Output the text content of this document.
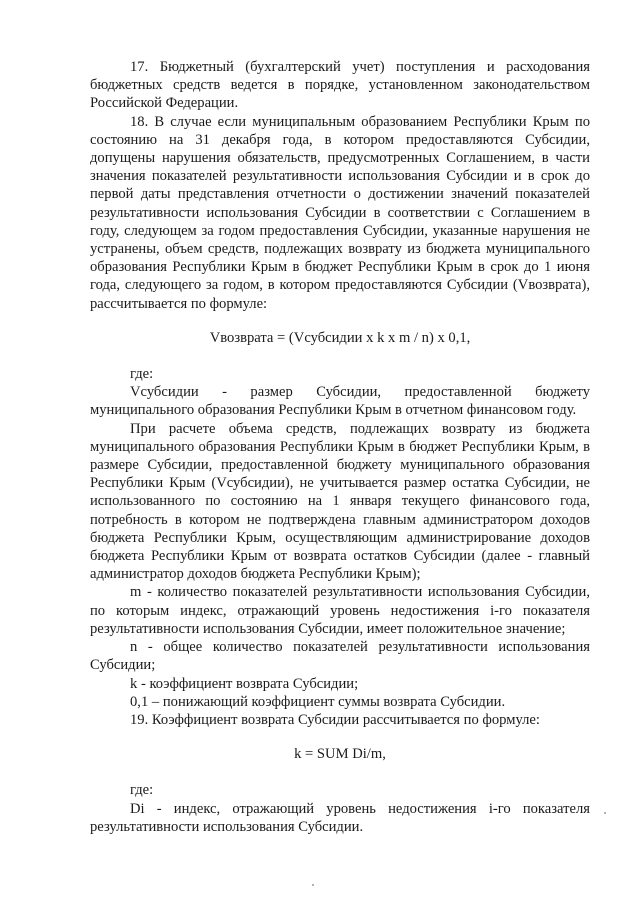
17. Бюджетный (бухгалтерский учет) поступления и расходования бюджетных средств ведется в порядке, установленном законодательством Российской Федерации.

18. В случае если муниципальным образованием Республики Крым по состоянию на 31 декабря года, в котором предоставляются Субсидии, допущены нарушения обязательств, предусмотренных Соглашением, в части значения показателей результативности использования Субсидии и в срок до первой даты представления отчетности о достижении значений показателей результативности использования Субсидии в соответствии с Соглашением в году, следующем за годом предоставления Субсидии, указанные нарушения не устранены, объем средств, подлежащих возврату из бюджета муниципального образования Республики Крым в бюджет Республики Крым в срок до 1 июня года, следующего за годом, в котором предоставляются Субсидии (Vвозврата), рассчитывается по формуле:

Vвозврата = (Vсубсидии x k x m / n) x 0,1,

где:

Vсубсидии - размер Субсидии, предоставленной бюджету муниципального образования Республики Крым в отчетном финансовом году.

При расчете объема средств, подлежащих возврату из бюджета муниципального образования Республики Крым в бюджет Республики Крым, в размере Субсидии, предоставленной бюджету муниципального образования Республики Крым (Vсубсидии), не учитывается размер остатка Субсидии, не использованного по состоянию на 1 января текущего финансового года, потребность в котором не подтверждена главным администратором доходов бюджета Республики Крым, осуществляющим администрирование доходов бюджета Республики Крым от возврата остатков Субсидии (далее - главный администратор доходов бюджета Республики Крым);

m - количество показателей результативности использования Субсидии, по которым индекс, отражающий уровень недостижения i-го показателя результативности использования Субсидии, имеет положительное значение;

n - общее количество показателей результативности использования Субсидии;

k - коэффициент возврата Субсидии;

0,1 – понижающий коэффициент суммы возврата Субсидии.

19. Коэффициент возврата Субсидии рассчитывается по формуле:

k = SUM Di/m,

где:

Di - индекс, отражающий уровень недостижения i-го показателя результативности использования Субсидии.
